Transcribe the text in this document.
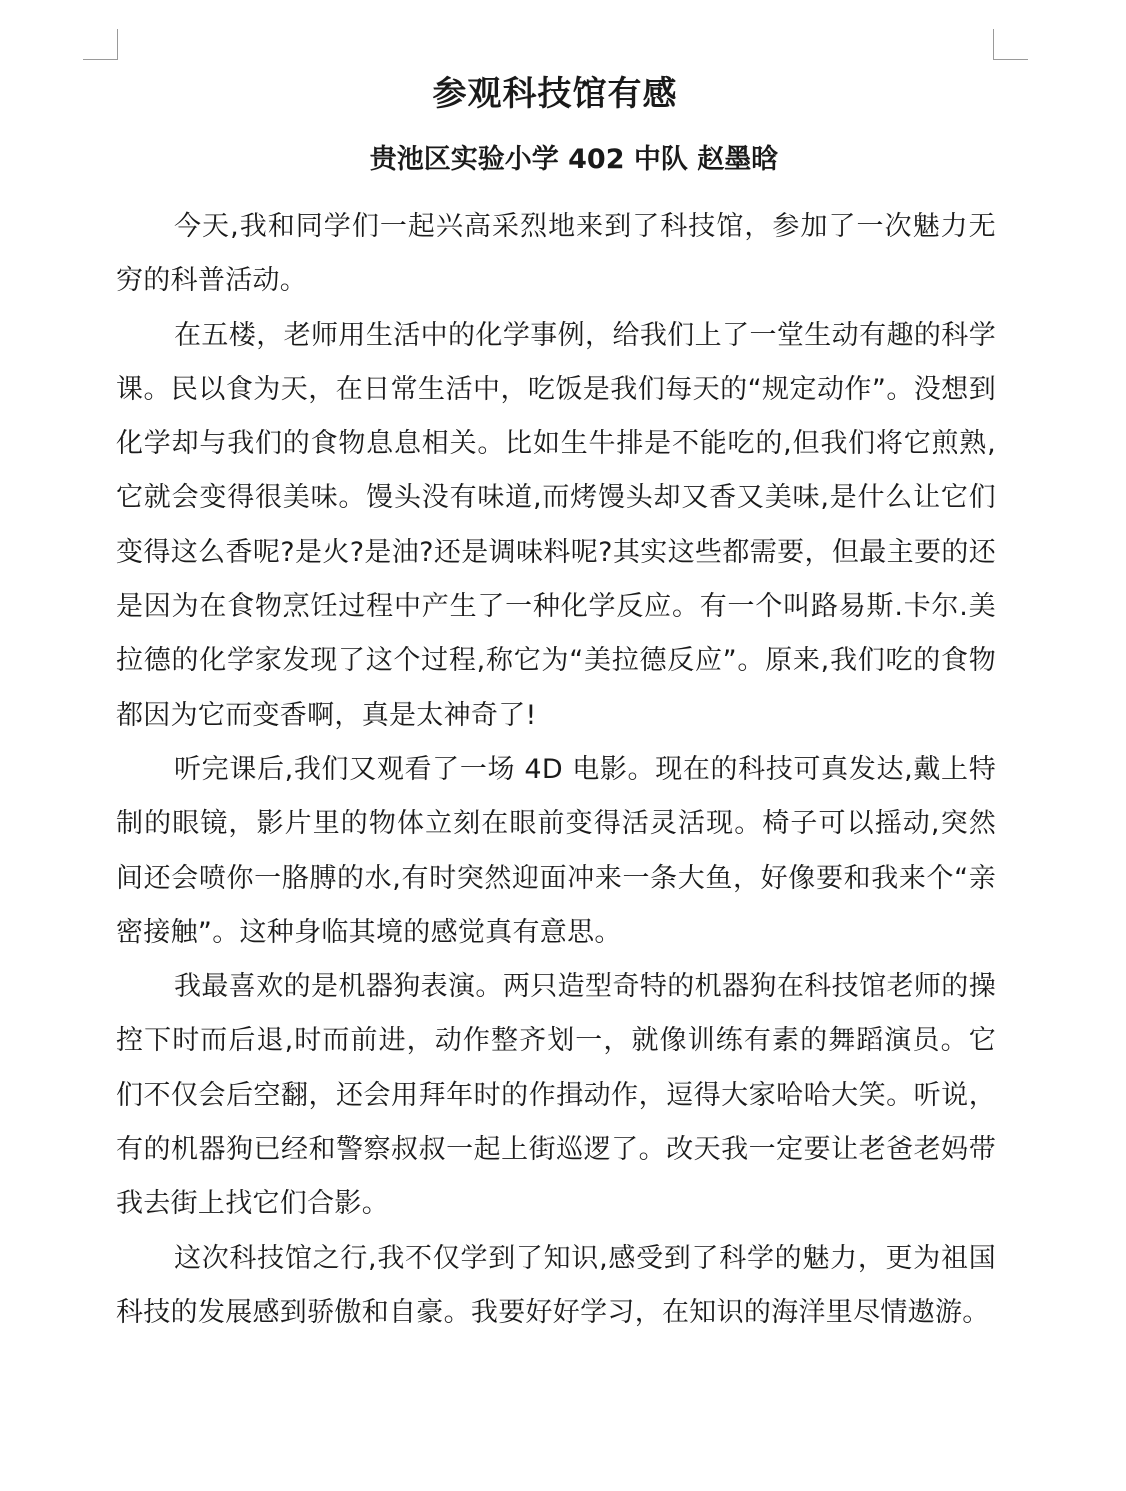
参观科技馆有感
贵池区实验小学 402 中队 赵墨晗

今天,我和同学们一起兴高采烈地来到了科技馆，参加了一次魅力无穷的科普活动。

在五楼，老师用生活中的化学事例，给我们上了一堂生动有趣的科学课。民以食为天，在日常生活中，吃饭是我们每天的“规定动作”。没想到化学却与我们的食物息息相关。比如生牛排是不能吃的,但我们将它煎熟,它就会变得很美味。馒头没有味道,而烤馒头却又香又美味,是什么让它们变得这么香呢?是火?是油?还是调味料呢?其实这些都需要，但最主要的还是因为在食物烹饪过程中产生了一种化学反应。有一个叫路易斯.卡尔.美拉德的化学家发现了这个过程,称它为“美拉德反应”。原来,我们吃的食物都因为它而变香啊，真是太神奇了!

听完课后,我们又观看了一场 4D 电影。现在的科技可真发达,戴上特制的眼镜，影片里的物体立刻在眼前变得活灵活现。椅子可以摇动,突然间还会喷你一胳膊的水,有时突然迎面冲来一条大鱼，好像要和我来个“亲密接触”。这种身临其境的感觉真有意思。

我最喜欢的是机器狗表演。两只造型奇特的机器狗在科技馆老师的操控下时而后退,时而前进，动作整齐划一，就像训练有素的舞蹈演员。它们不仅会后空翻，还会用拜年时的作揖动作，逗得大家哈哈大笑。听说，有的机器狗已经和警察叔叔一起上街巡逻了。改天我一定要让老爸老妈带我去街上找它们合影。

这次科技馆之行,我不仅学到了知识,感受到了科学的魅力，更为祖国科技的发展感到骄傲和自豪。我要好好学习，在知识的海洋里尽情遨游。
